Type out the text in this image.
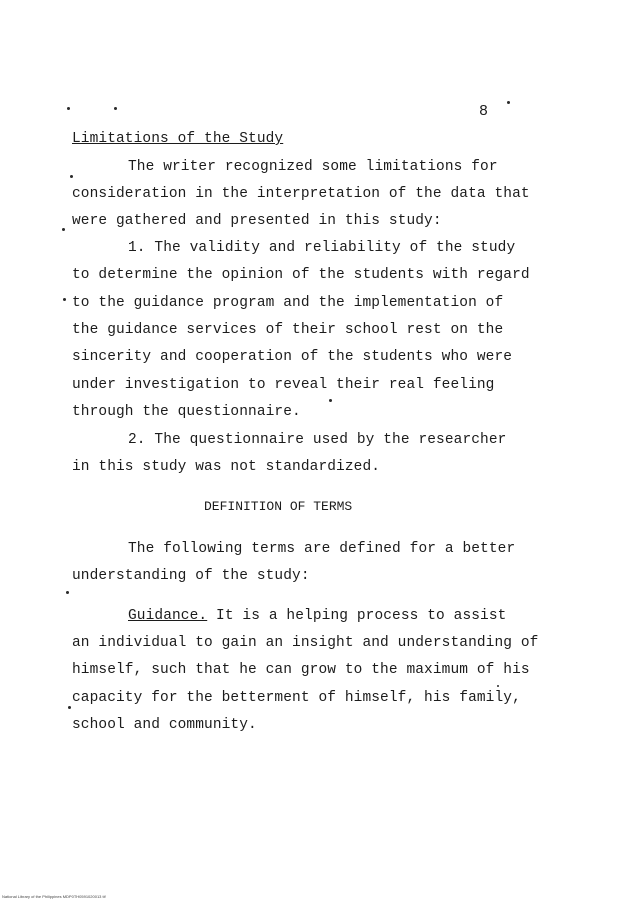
8
Limitations of the Study
The writer recognized some limitations for
consideration in the interpretation of the data that
were gathered and presented in this study:
1. The validity and reliability of the study
to determine the opinion of the students with regard
to the guidance program and the implementation of
the guidance services of their school rest on the
sincerity and cooperation of the students who were
under investigation to reveal their real feeling
through the questionnaire.
2. The questionnaire used by the researcher
in this study was not standardized.
DEFINITION OF TERMS
The following terms are defined for a better
understanding of the study:
Guidance. It is a helping process to assist
an individual to gain an insight and understanding of
himself, such that he can grow to the maximum of his
capacity for the betterment of himself, his family,
school and community.
National Library of the Philippines MDP0TH0591020013 tif
